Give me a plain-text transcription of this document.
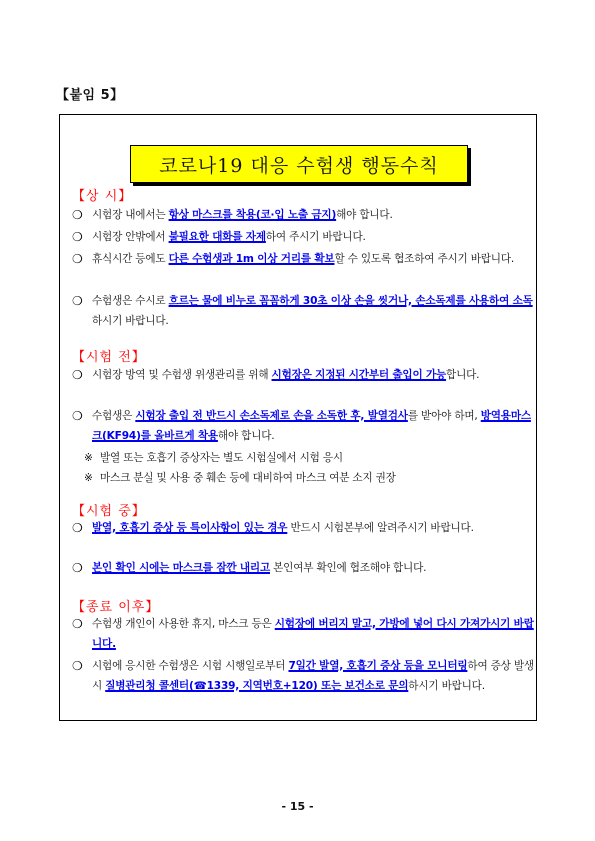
【붙임 5】
코로나19 대응 수험생 행동수칙
【상 시】
❍ 시험장 내에서는 항상 마스크를 착용(코·입 노출 금지)해야 합니다.
❍ 시험장 안밖에서 불필요한 대화를 자제하여 주시기 바랍니다.
❍ 휴식시간 등에도 다른 수험생과 1m 이상 거리를 확보할 수 있도록 협조하여 주시기 바랍니다.
❍ 수험생은 수시로 흐르는 물에 비누로 꼼꼼하게 30초 이상 손을 씻거나, 손소독제를 사용하여 소독하시기 바랍니다.
【시험 전】
❍ 시험장 방역 및 수험생 위생관리를 위해 시험장은 지정된 시간부터 출입이 가능합니다.
❍ 수험생은 시험장 출입 전 반드시 손소독제로 손을 소독한 후, 발열검사를 받아야 하며, 방역용마스크(KF94)를 올바르게 착용해야 합니다.
※ 발열 또는 호흡기 증상자는 별도 시험실에서 시험 응시
※ 마스크 분실 및 사용 중 훼손 등에 대비하여 마스크 여분 소지 권장
【시험 중】
❍ 발열, 호흡기 증상 등 특이사항이 있는 경우 반드시 시험본부에 알려주시기 바랍니다.
❍ 본인 확인 시에는 마스크를 잠깐 내리고 본인여부 확인에 협조해야 합니다.
【종료 이후】
❍ 수험생 개인이 사용한 휴지, 마스크 등은 시험장에 버리지 말고, 가방에 넣어 다시 가져가시기 바랍니다.
❍ 시험에 응시한 수험생은 시험 시행일로부터 7일간 발열, 호흡기 증상 등을 모니터링하여 증상 발생 시 질병관리청 콜센터(☎1339, 지역번호+120) 또는 보건소로 문의하시기 바랍니다.
- 15 -
